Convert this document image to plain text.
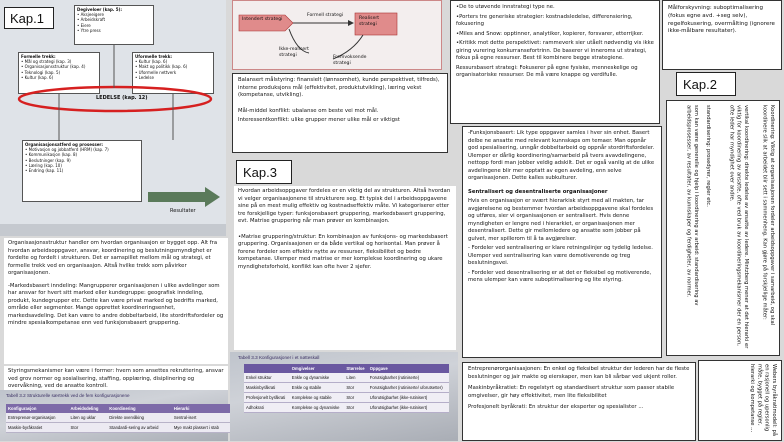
Kap.1
Degiveloer (kap. 5):
• Aksjeeigere
• Arbeidskraft
• Eiere
• Ytre press
Formelle trekk:
• Mål og strategi (kap. 3)
• Organisasjonsstruktur (kap. 4)
• Teknologi (kap. 5)
• Kultur (kap. 6)
Uformelle trekk:
• Kultur (kap. 6)
• Makt og politikk (kap. 6)
• Uformelle nettverk
• Ledelse
LEDELSE (kap. 12)
Organisasjonsatferd og prosesser:
• Motivasjon og jobbatferd (HRM) (kap. 7)
• Kommunikasjon (kap. 8)
• Beslutninger (kap. 9)
• Læring (kap. 10)
• Endring (kap. 11)
Resultater
Intendert strategi
Formell strategi
Realisert strategi
Ikke-realisert strategi	Fremvoksende strategi

•De to utøvende innstrategi type ne.

•Porters tre generiske strategier: kostnadsledelse, differensiering, fokusering

•Miles and Snow: opptinner, analytiker, kopierer, forsvarer, etterrijker.

•Kritikk mot dette perspektivet: rammeverk sier utåelt nødvendig vis ikke giring vurering konkurransefortrinn. De baserer vi inneroms ut strategi, fokus på egne ressurser. Best til kombinere begge strategiene.

Ressursbasert strategi: Fokuserer på egne fysiske, menneskelige og organisatoriske ressurser. De må være knappe og verdifulle.

Målforskyvning: suboptimalisering (fokus egne avd. +seg selv), regelfokusering, overmålting (ignorere ikke-målbare resultater).

Kap.2

Balansert målstyring: finansielt (lønnsomhet), kunde perspektivet, tilfreds), interne produksjons mål (effektivitet, produktutvikling), læring vekst (kompetanse, utvikling).

Mål-middel konflikt: ubalanse om beste vei mot mål.

Interessentkonflikt: ulike grupper mener ulike mål er viktigst

Kap.3

Organisasjonsstruktur handler om hvordan organisasjon er bygget opp. Alt fra hvordan arbeidsoppgaver, ansvar, koordinering og beslutningsmyndighet er fordelte og fordelt i strukturen. Det er samspillet mellom mål og strategi, et formelle trekk ved en organisasjon. Altså hvilke trekk som påvirker organisasjonen.

-Markedsbasert inndeling: Mangrupperer organisasjonen i ulike avdelinger som har ansvar for hvert sitt marked eller kundegruppe: geografisk inndeling, produkt, kundegrupper etc. Dette kan være privat marked og bedrifts marked, område eller segmenter. Mange opprettet koordineringsenhet, markedsavdeling. Det kan være to andre dobbeltarbeid, lite stordriftsfordeler og mindre spesialkompetanse enn ved funksjonsbasert gruppering.

Hvordan arbeidsoppgaver fordeles er en viktig del av strukturen. Altså hvordan vi velger organisasjonene til strukturere seg. Et typisk del i arbeidsoppgavene sine på en mest mulig effektiv og kostnadseffektiv måte. Vi kategoriserer etter tre forskjellige typer: funksjonsbasert gruppering, markedsbasert gruppering, evt. Matrise gruppering når man prøver en kombinasjon.

•Matrise gruppering/struktur: En kombinasjon av funksjons- og markedsbasert gruppering. Organisasjonen er da både vertikal og horisontal. Man prøver å forene fordeler som effektiv nytte av ressurser, fleksibilitet og bedre kompetanse. Ulemper med matrise er mer komplekse koordinering og ukare myndighetsforhold, konflikt kan ofte hver 2 sjefer.

Styringsmekanismer kan være i former: hvem som ansettes rekruttering, ansvar ved grov normer og sosialisering, staffing, opplæring, disiplinering og overvåkning, ved de ansatte kontroll.

Tabell 3.2 Strukturelle særtrekk ved de fem konfigurasjonene
Konfigurasjon	Arbeidsdeling	Koordinering	Hierarki	
Entreprenør-organisasjon	Liten og uklar	Direkte overvåking	Sentral-isert	
Maskin-byråkratiet	Stor	Standardi-sering av arbeid	Mye makt plassert i stab	
Tabell 3.3 Konfigurasjoner i et nøtteskall
	Omgivelser	Størrelse	Oppgave
Enkel struktur	Enkle og dynamiske	Liten	Forutsigbarhet (rutiniserte)
Maskinbyråkrati	Enkle og stabile	Stor	Forutsigbarhet (rutiniserte/ uforutsetter)
Profesjonelt byråkrati	Komplekse og stabile	Stor	Uforutsigbarhet (ikke-rutinisert)
Adhokrati	Komplekse og dynamiske	Stor	Uforutsigbarhet (ikke-rutinisert)

-Funksjonsbasert: Lik type oppgaver samles i hver sin enhet. Basert delbe ne ansatte med relevant kunnskaps om temaer. Man oppnår god spesialisering, unngår dobbeltarbeid og oppnår stordriftsfordeler. Ulemper er dårlig koordinering/samarbeid på tvers avavdelingene, nettopp fordi man jobber veldig adskilt. Det er også vanlig at de ulike avdelingene blir mer opptatt av egen avdeling, enn selve organisasjonen. Dette kalles subkulturer.

Sentralisert og desentraliserte organisasjoner

Hvis en organisasjon er svært hierarkisk styrt med all makten, tar avgjørelsene og bestemmer hvordan arbeidsoppgavene skal fordeles og utføres, sier vi organisasjonen er sentralisert. Hvis denne myndigheten er lengre ned i hierarkiet, er organisasjonen mer desentralisert. Dette gir mellomledere og ansatte som jobber på gulvet, mer spillerom til å ta avgjørelser.

- Fordeler ved sentralisering er klare retningslinjer og tydelig ledelse. Ulemper ved sentralisering kan være demotiverende og treg beslutningsvei.

- Fordeler ved desentralisering er at det er fleksibel og motiverende, mens ulemper kan være suboptimalisering og lite styring.

Entreprenørorganisasjonen: En enkel og fleksibel struktur der lederen har de fleste beslutninger og jair makte og eierskaper, men kan bli sårbar ved ukjent roller.

Maskinbyråkratiet: En regelstyrt og standardisert struktur som passer stabile omgivelser, gir høy effektivitet, men lite fleksibilitet

Profesjonelt byråkrati: En struktur der eksperter og spesialister ...

Koordinering: Viktig at organisasjonen fordeler arbeidsoppgaver i samarbeid, og skal koordinere slik at arbeidet blir sett i sammenheng. Kan gjøre på forskjellige måter:
vertikal koordinering: direkte ledelse av ansatte av ledere. Mintzberg mener at det hierarki er viktig for koordinering av ansatte, ofte ved bruk av koordineringsmekanismer der en person, ofte leder har myndighet over andre.
standardisering: prosedyrer, regler etc.
som kan være generelle og hjelp i koordinering av arbeid: standardisering av arbeidsprosesser, av resultater, av kunnskaper og ferdigheter, av normer.
Webers byråkratimodell: på en rasjonell og upersonlig måte, bygget på regler, hierarki og kompetanse ...
